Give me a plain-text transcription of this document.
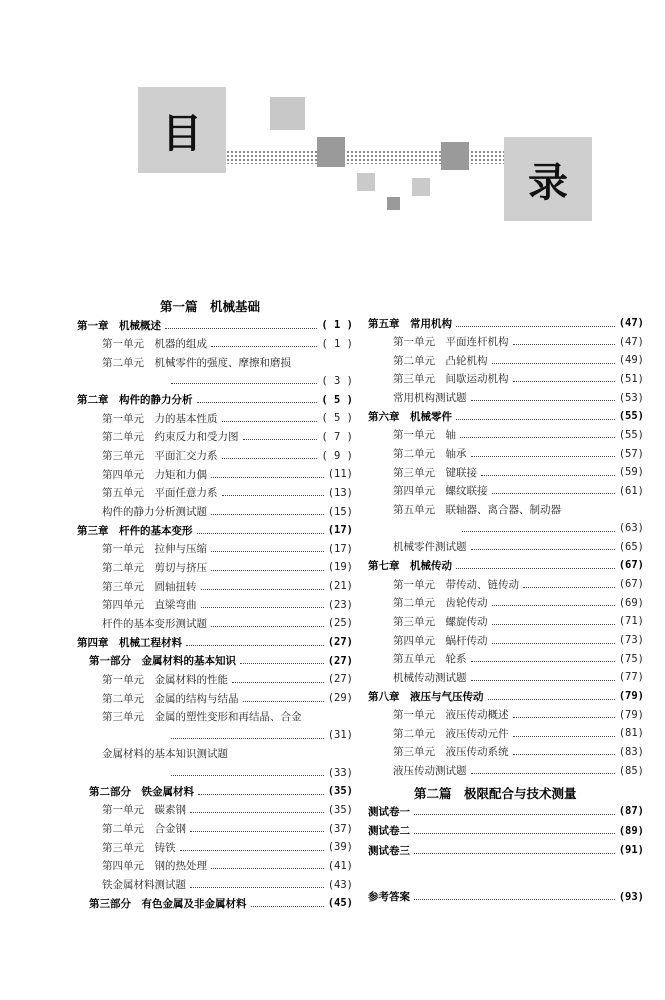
目
录
第一篇　机械基础
第二篇　极限配合与技术测量
第一章　机械概述	( 1 )
第一单元　机器的组成	( 1 )
第二单元　机械零件的强度、摩擦和磨损
( 3 )
第二章　构件的静力分析	( 5 )
第一单元　力的基本性质	( 5 )
第二单元　约束反力和受力图	( 7 )
第三单元　平面汇交力系	( 9 )
第四单元　力矩和力偶	(11)
第五单元　平面任意力系	(13)
构件的静力分析测试题	(15)
第三章　杆件的基本变形	(17)
第一单元　拉伸与压缩	(17)
第二单元　剪切与挤压	(19)
第三单元　圆轴扭转	(21)
第四单元　直梁弯曲	(23)
杆件的基本变形测试题	(25)
第四章　机械工程材料	(27)
第一部分　金属材料的基本知识	(27)
第一单元　金属材料的性能	(27)
第二单元　金属的结构与结晶	(29)
第三单元　金属的塑性变形和再结晶、合金
(31)
金属材料的基本知识测试题
(33)
第二部分　铁金属材料	(35)
第一单元　碳素钢	(35)
第二单元　合金钢	(37)
第三单元　铸铁	(39)
第四单元　钢的热处理	(41)
铁金属材料测试题	(43)
第三部分　有色金属及非金属材料	(45)
第五章　常用机构	(47)
第一单元　平面连杆机构	(47)
第二单元　凸轮机构	(49)
第三单元　间歇运动机构	(51)
常用机构测试题	(53)
第六章　机械零件	(55)
第一单元　轴	(55)
第二单元　轴承	(57)
第三单元　键联接	(59)
第四单元　螺纹联接	(61)
第五单元　联轴器、离合器、制动器
(63)
机械零件测试题	(65)
第七章　机械传动	(67)
第一单元　带传动、链传动	(67)
第二单元　齿轮传动	(69)
第三单元　螺旋传动	(71)
第四单元　蜗杆传动	(73)
第五单元　轮系	(75)
机械传动测试题	(77)
第八章　液压与气压传动	(79)
第一单元　液压传动概述	(79)
第二单元　液压传动元件	(81)
第三单元　液压传动系统	(83)
液压传动测试题	(85)
测试卷一	(87)
测试卷二	(89)
测试卷三	(91)
参考答案	(93)
